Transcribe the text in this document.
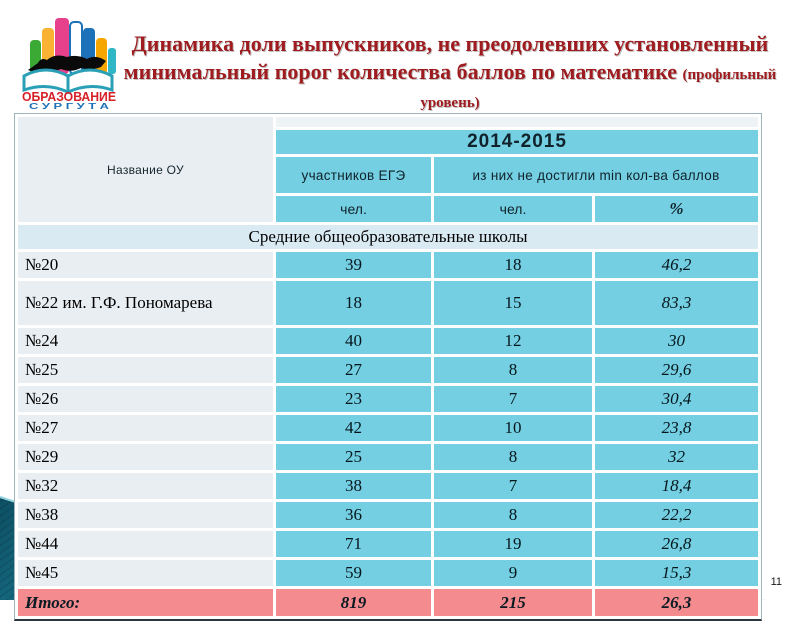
ОБРАЗОВАНИЕ
С У Р Г У Т А
Динамика доли выпускников, не преодолевших установленный
минимальный порог количества баллов по математике (профильный уровень)
Название ОУ			
	2014-2015		
	участников ЕГЭ	из них не достигли min кол-ва баллов	
	чел.	чел.	%
Средние общеобразовательные школы			
№20	39	18	46,2
№22 им. Г.Ф. Пономарева	18	15	83,3
№24	40	12	30
№25	27	8	29,6
№26	23	7	30,4
№27	42	10	23,8
№29	25	8	32
№32	38	7	18,4
№38	36	8	22,2
№44	71	19	26,8
№45	59	9	15,3
Итого:	819	215	26,3
11
